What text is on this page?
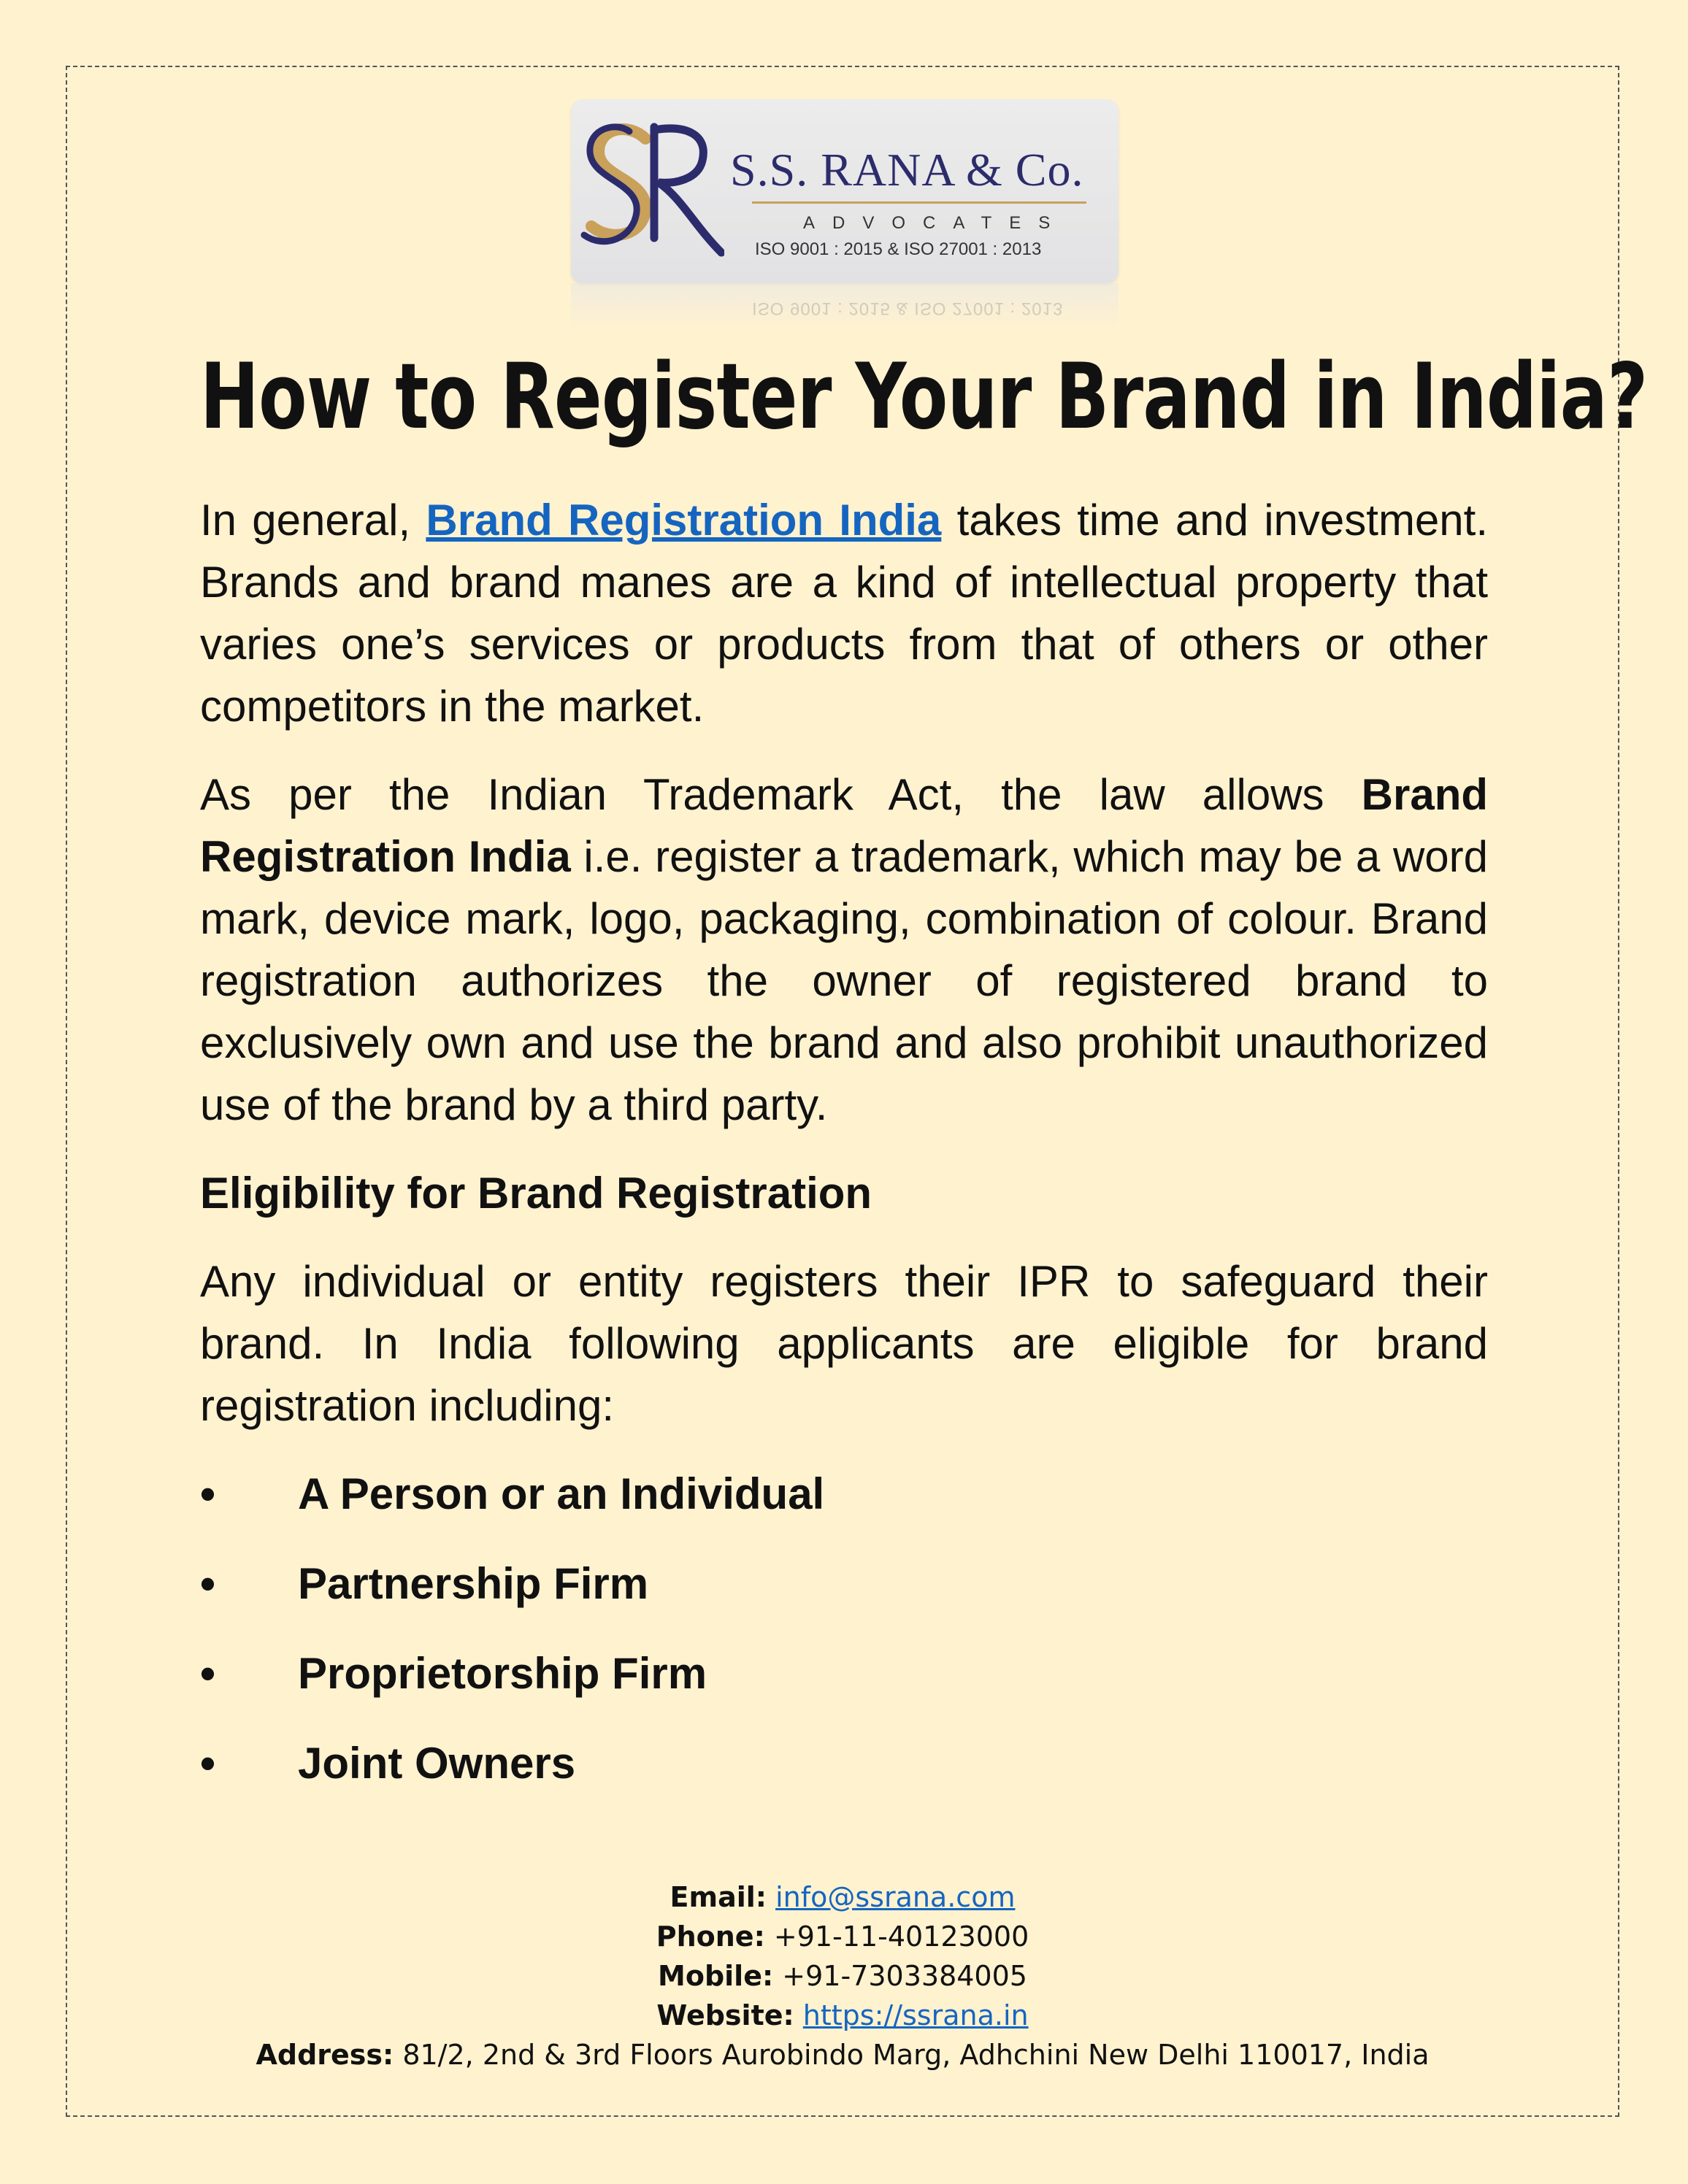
S.S. RANA & Co.
ADVOCATES
ISO 9001 : 2015 & ISO 27001 : 2013
ISO 9001 : 2015 & ISO 27001 : 2013
How to Register Your Brand in India?

In general, Brand Registration India takes time and investment. Brands and brand manes are a kind of intellectual property that varies one’s services or products from that of others or other competitors in the market.

As per the Indian Trademark Act, the law allows Brand Registration India i.e. register a trademark, which may be a word mark, device mark, logo, packaging, combination of colour. Brand registration authorizes the owner of registered brand to exclusively own and use the brand and also prohibit unauthorized use of the brand by a third party.

Eligibility for Brand Registration

Any individual or entity registers their IPR to safeguard their brand. In India following applicants are eligible for brand registration including:

• A Person or an Individual
• Partnership Firm
• Proprietorship Firm
• Joint Owners
Email: info@ssrana.com
Phone: +91-11-40123000
Mobile: +91-7303384005
Website: https://ssrana.in
Address: 81/2, 2nd & 3rd Floors Aurobindo Marg, Adhchini New Delhi 110017, India
